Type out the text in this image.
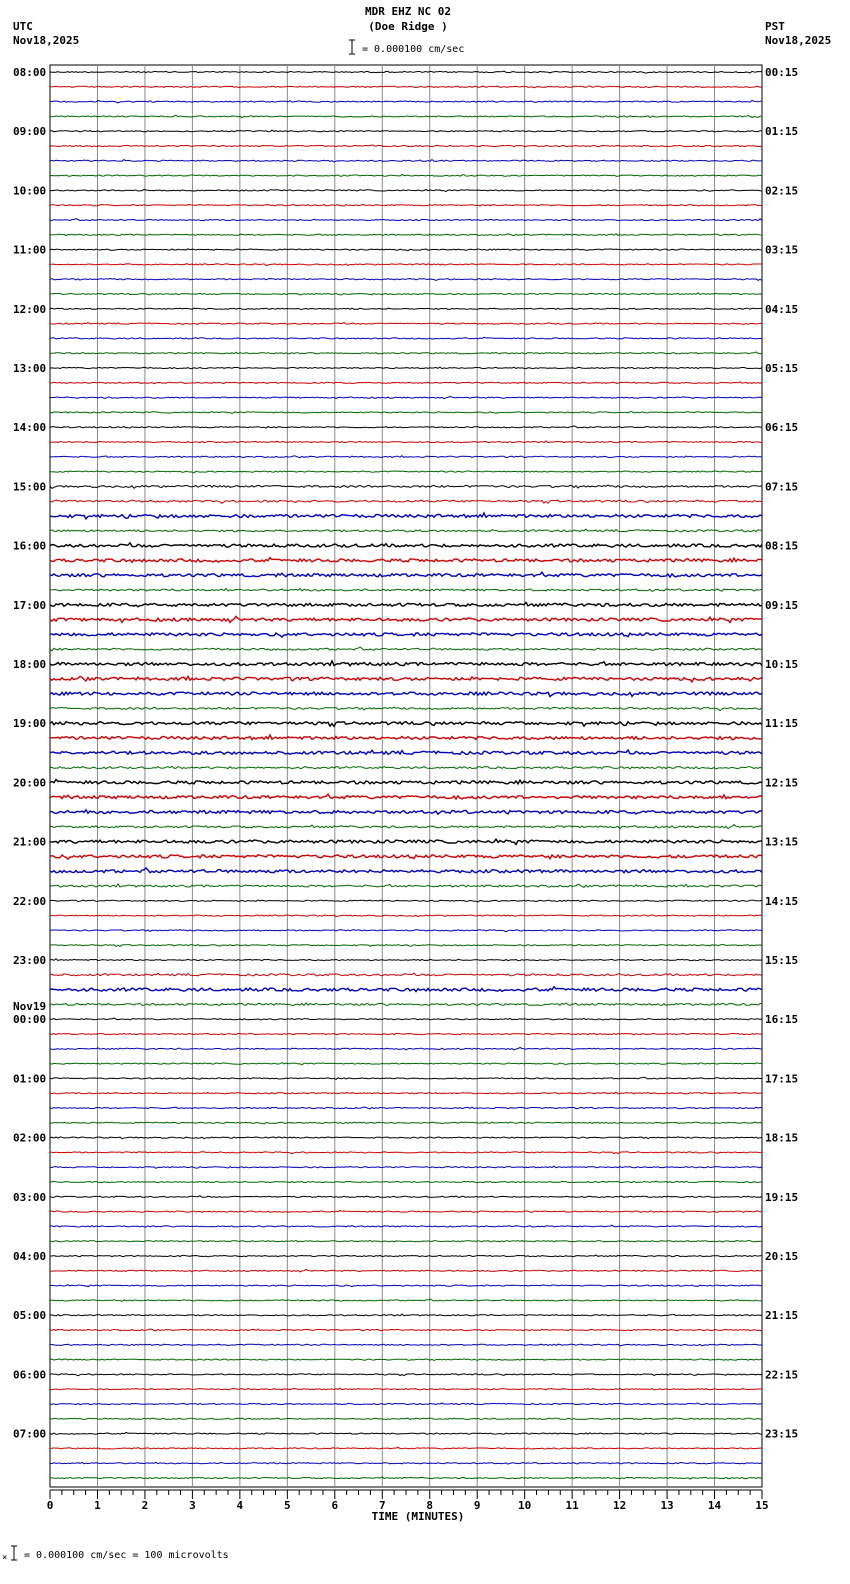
MDR EHZ NC 02
(Doe Ridge )
= 0.000100 cm/sec
UTC
Nov18,2025
PST
Nov18,2025
08:00
09:00
10:00
11:00
12:00
13:00
14:00
15:00
16:00
17:00
18:00
19:00
20:00
21:00
22:00
23:00
00:00
Nov19
01:00
02:00
03:00
04:00
05:00
06:00
07:00
00:15
01:15
02:15
03:15
04:15
05:15
06:15
07:15
08:15
09:15
10:15
11:15
12:15
13:15
14:15
15:15
16:15
17:15
18:15
19:15
20:15
21:15
22:15
23:15
0	1	2	3	4	5	6	7	8	9	10	11	12	13	14	15
TIME (MINUTES)
× = 0.000100 cm/sec = 100 microvolts
